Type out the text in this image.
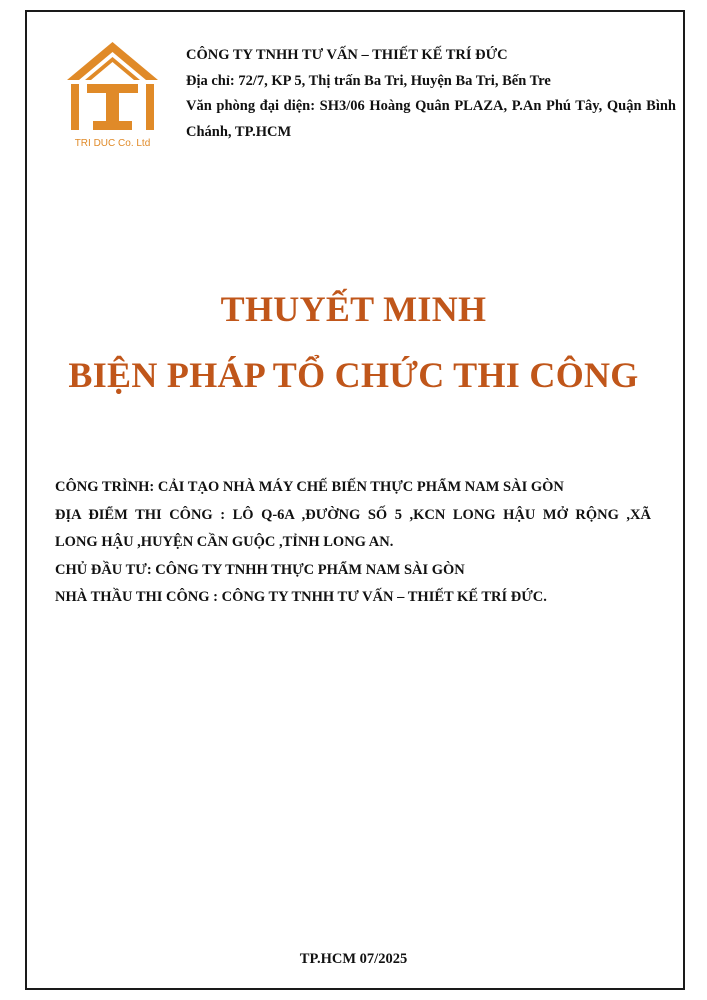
TRI DUC Co. Ltd
CÔNG TY TNHH TƯ VẤN – THIẾT KẾ TRÍ ĐỨC
Địa chỉ: 72/7, KP 5, Thị trấn Ba Tri, Huyện Ba Tri, Bến Tre
Văn phòng đại diện: SH3/06 Hoàng Quân PLAZA, P.An Phú Tây, Quận Bình Chánh, TP.HCM
THUYẾT MINH
BIỆN PHÁP TỔ CHỨC THI CÔNG
CÔNG TRÌNH: CẢI TẠO NHÀ MÁY CHẾ BIẾN THỰC PHẨM NAM SÀI GÒN
ĐỊA ĐIỂM THI CÔNG : LÔ Q-6A ,ĐƯỜNG SỐ 5 ,KCN LONG HẬU MỞ RỘNG ,XÃ
LONG HẬU ,HUYỆN CẦN GUỘC ,TỈNH LONG AN.
CHỦ ĐẦU TƯ: CÔNG TY TNHH THỰC PHẨM NAM SÀI GÒN
NHÀ THẦU THI CÔNG : CÔNG TY TNHH TƯ VẤN – THIẾT KẾ TRÍ ĐỨC.
TP.HCM 07/2025
